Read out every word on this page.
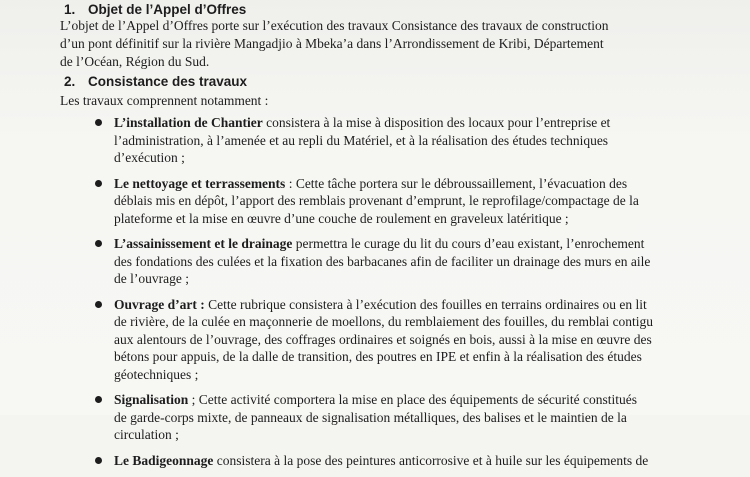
1. Objet de l’Appel d’Offres
L’objet de l’Appel d’Offres porte sur l’exécution des travaux Consistance des travaux de construction
d’un pont définitif sur la rivière Mangadjio à Mbeka’a dans l’Arrondissement de Kribi, Département
de l’Océan, Région du Sud.
2. Consistance des travaux
Les travaux comprennent notamment :
L’installation de Chantier consistera à la mise à disposition des locaux pour l’entreprise et
l’administration, à l’amenée et au repli du Matériel, et à la réalisation des études techniques
d’exécution ;
Le nettoyage et terrassements : Cette tâche portera sur le débroussaillement, l’évacuation des
déblais mis en dépôt, l’apport des remblais provenant d’emprunt, le reprofilage/compactage de la
plateforme et la mise en œuvre d’une couche de roulement en graveleux latéritique ;
L’assainissement et le drainage permettra le curage du lit du cours d’eau existant, l’enrochement
des fondations des culées et la fixation des barbacanes afin de faciliter un drainage des murs en aile
de l’ouvrage ;
Ouvrage d’art : Cette rubrique consistera à l’exécution des fouilles en terrains ordinaires ou en lit
de rivière, de la culée en maçonnerie de moellons, du remblaiement des fouilles, du remblai contigu
aux alentours de l’ouvrage, des coffrages ordinaires et soignés en bois, aussi à la mise en œuvre des
bétons pour appuis, de la dalle de transition, des poutres en IPE et enfin à la réalisation des études
géotechniques ;
Signalisation ; Cette activité comportera la mise en place des équipements de sécurité constitués
de garde-corps mixte, de panneaux de signalisation métalliques, des balises et le maintien de la
circulation ;
Le Badigeonnage consistera à la pose des peintures anticorrosive et à huile sur les équipements de
